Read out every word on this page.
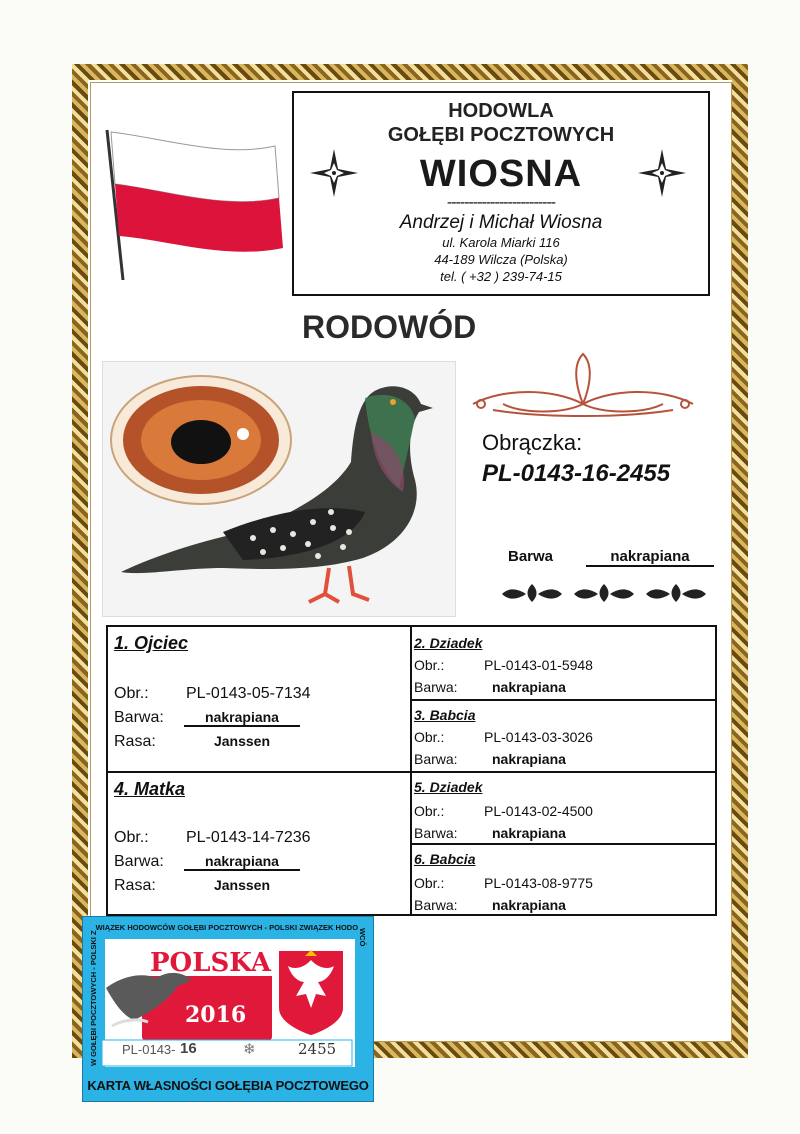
HODOWLA
GOŁĘBI POCZTOWYCH
WIOSNA
-------------------------
Andrzej i Michał Wiosna
ul. Karola Miarki 116
44-189 Wilcza (Polska)
tel. ( +32 ) 239-74-15
RODOWÓD
Obrączka:
PL-0143-16-2455
Barwa	nakrapiana
1. Ojciec
Obr.: PL-0143-05-7134
Barwa:	nakrapiana
Rasa:	Janssen
2. Dziadek
Obr.:	PL-0143-01-5948
Barwa: nakrapiana
3. Babcia
Obr.:	PL-0143-03-3026
Barwa: nakrapiana
4. Matka
Obr.: PL-0143-14-7236
Barwa:	nakrapiana
Rasa:	Janssen
5. Dziadek
Obr.:	PL-0143-02-4500
Barwa: nakrapiana
6. Babcia
Obr.:	PL-0143-08-9775
Barwa: nakrapiana
W GOŁĘBI POCZTOWYCH - POLSKI ZWIĄZEK HODOWCÓW GOŁĘBI POCZTOWYCH - POLSKI ZWIĄZEK HODOWCÓ
POLSKA
2016
PL-0143- 16	❄	2455
KARTA WŁASNOŚCI GOŁĘBIA POCZTOWEGO
